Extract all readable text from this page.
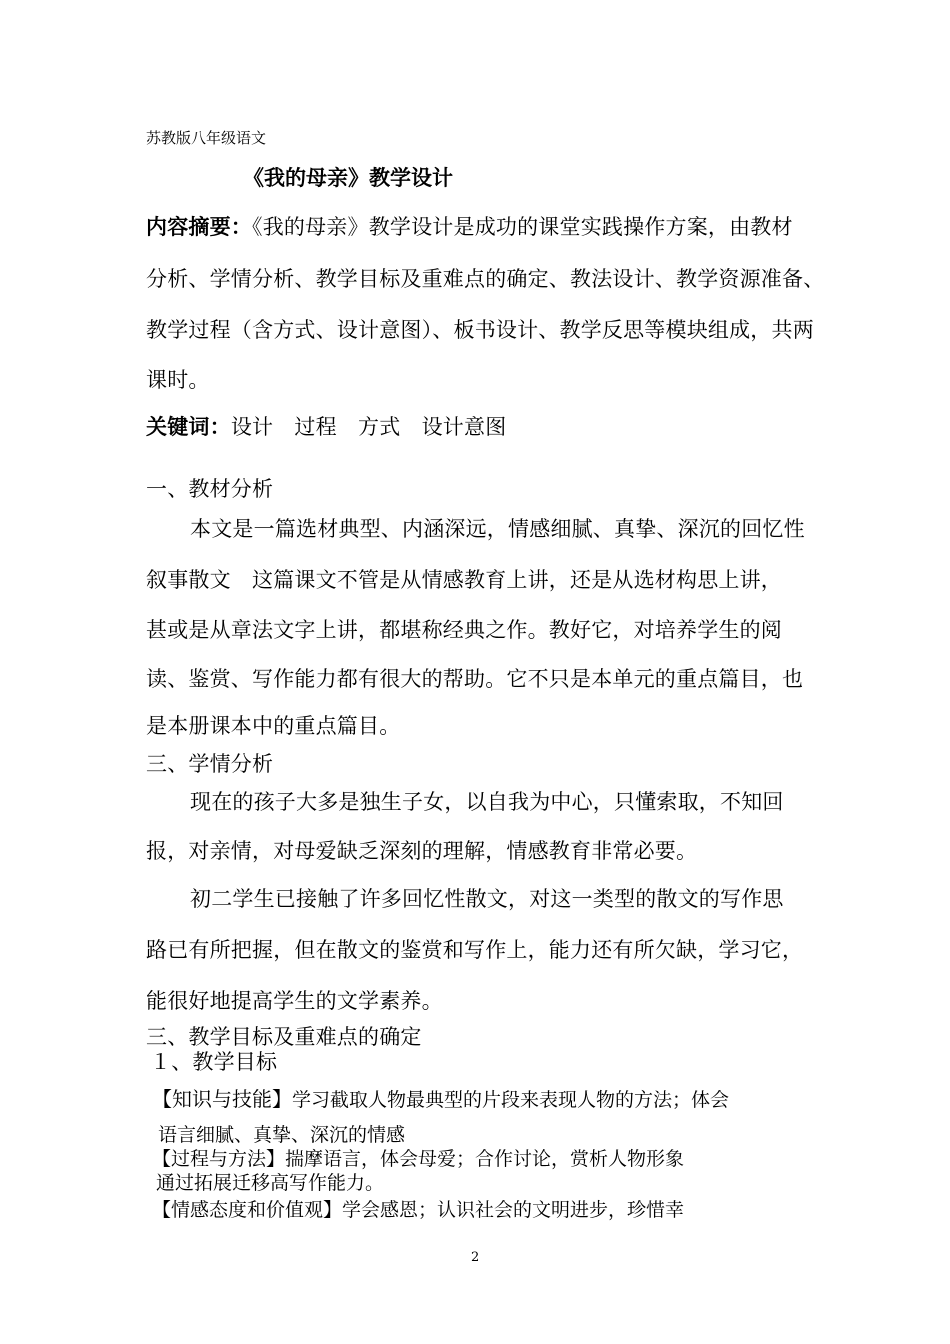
苏教版八年级语文

《我的母亲》教学设计

内容摘要：《我的母亲》教学设计是成功的课堂实践操作方案，由教材

分析、学情分析、教学目标及重难点的确定、教法设计、教学资源准备、

教学过程（含方式、设计意图）、板书设计、教学反思等模块组成，共两

课时。

关键词：设计　过程　方式　设计意图

一、教材分析

本文是一篇选材典型、内涵深远，情感细腻、真挚、深沉的回忆性

叙事散文　这篇课文不管是从情感教育上讲，还是从选材构思上讲，

甚或是从章法文字上讲，都堪称经典之作。教好它，对培养学生的阅

读、鉴赏、写作能力都有很大的帮助。它不只是本单元的重点篇目，也

是本册课本中的重点篇目。

三、学情分析

现在的孩子大多是独生子女，以自我为中心，只懂索取，不知回

报，对亲情，对母爱缺乏深刻的理解，情感教育非常必要。

初二学生已接触了许多回忆性散文，对这一类型的散文的写作思

路已有所把握，但在散文的鉴赏和写作上，能力还有所欠缺，学习它，

能很好地提高学生的文学素养。

三、教学目标及重难点的确定

１、教学目标

【知识与技能】学习截取人物最典型的片段来表现人物的方法；体会

语言细腻、真挚、深沉的情感

【过程与方法】揣摩语言，体会母爱；合作讨论，赏析人物形象

通过拓展迁移高写作能力。

【情感态度和价值观】学会感恩；认识社会的文明进步，珍惜幸

2
